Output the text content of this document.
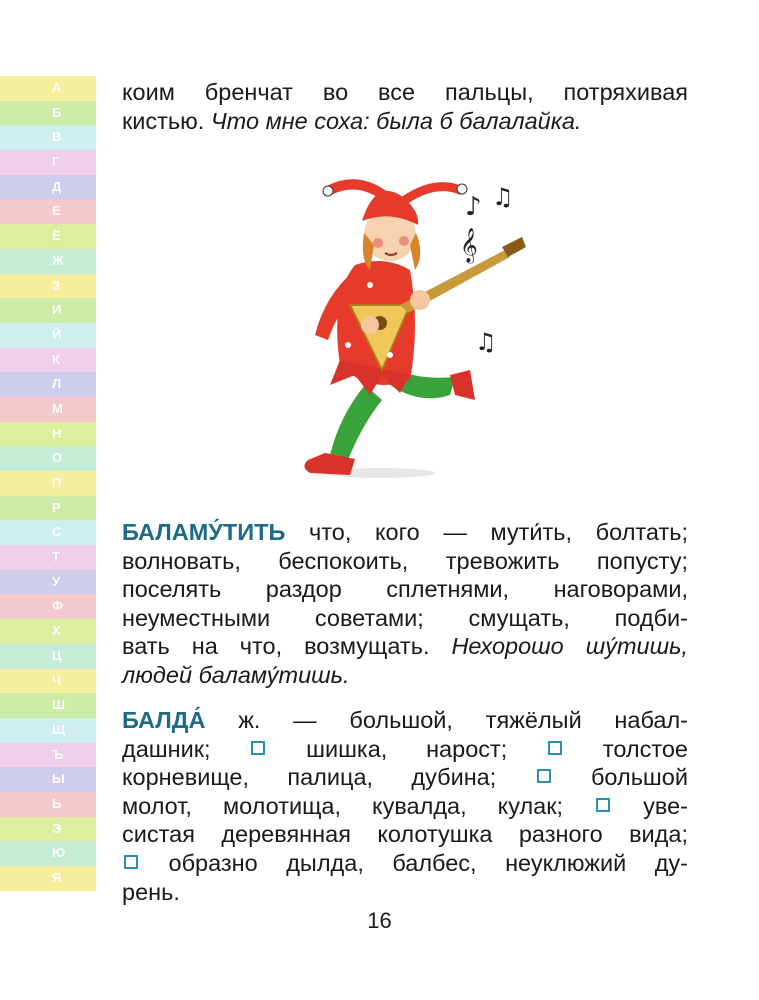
А
Б
В
Г
Д
Е
Ё
Ж
З
И
Й
К
Л
М
Н
О
П
Р
С
Т
У
Ф
Х
Ц
Ч
Ш
Щ
Ъ
Ы
Ь
Э
Ю
Я
коим бренчат во все пальцы, потряхивая
кистью. Что мне соха: была б балалайка.
♪ ♫
𝄞
♫
БАЛАМУ́ТИТЬ что, кого — мути́ть, болтать;
волновать, беспокоить, тревожить попусту;
поселять раздор сплетнями, наговорами,
неуместными советами; смущать, подби-
вать на что, возмущать. Нехорошо шу́тишь,
людей баламу́тишь.
БАЛДА́ ж. — большой, тяжёлый набал-
дашник;	шишка, нарост;	толстое
корневище, палица, дубина;	большой
молот, молотища, кувалда, кулак;	уве-
систая деревянная колотушка разного вида;
образно дылда, балбес, неуклюжий ду-
рень.
16
